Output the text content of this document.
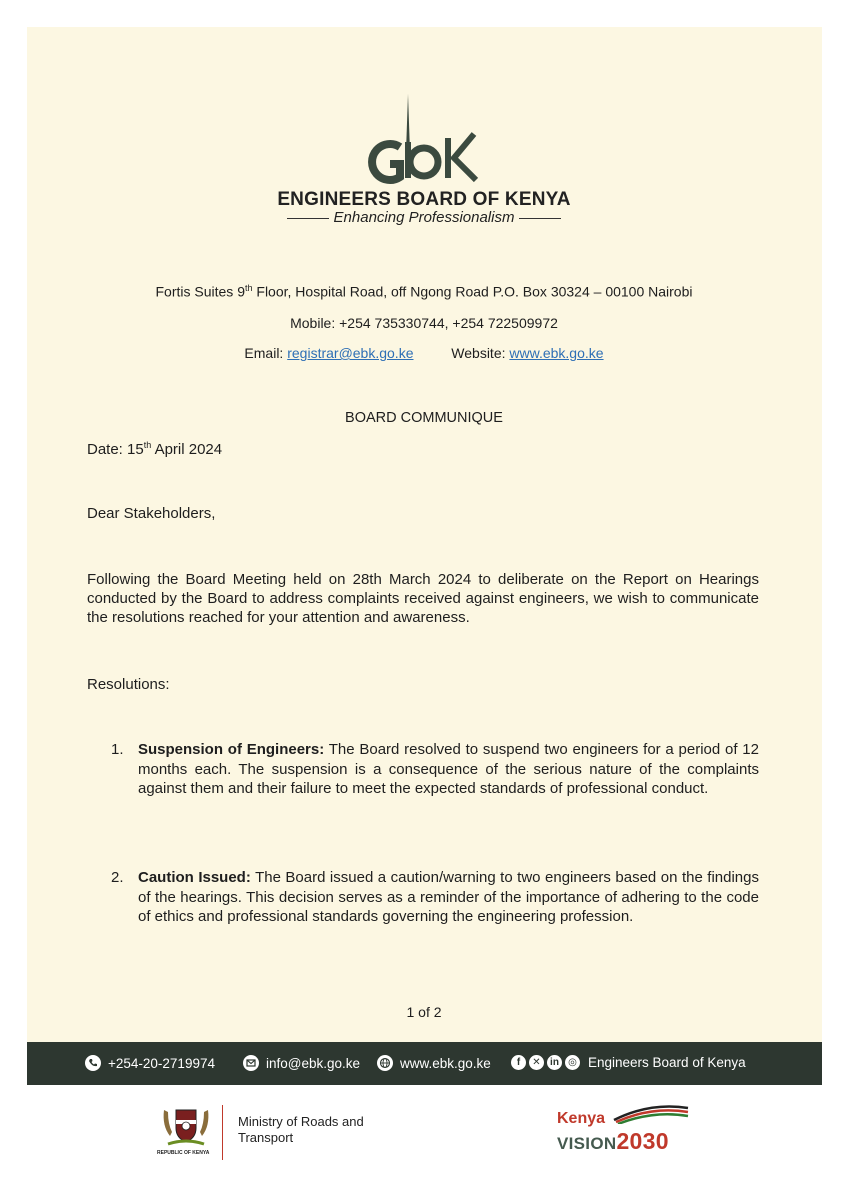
ENGINEERS BOARD OF KENYA
Enhancing Professionalism
Fortis Suites 9th Floor, Hospital Road, off Ngong Road P.O. Box 30324 – 00100 Nairobi
Mobile: +254 735330744, +254 722509972
Email: registrar@ebk.go.ke	Website: www.ebk.go.ke
BOARD COMMUNIQUE
Date: 15th April 2024
Dear Stakeholders,
Following the Board Meeting held on 28th March 2024 to deliberate on the Report on Hearings conducted by the Board to address complaints received against engineers, we wish to communicate the resolutions reached for your attention and awareness.
Resolutions:
1. Suspension of Engineers: The Board resolved to suspend two engineers for a period of 12 months each. The suspension is a consequence of the serious nature of the complaints against them and their failure to meet the expected standards of professional conduct.
2. Caution Issued: The Board issued a caution/warning to two engineers based on the findings of the hearings. This decision serves as a reminder of the importance of adhering to the code of ethics and professional standards governing the engineering profession.
1 of 2
+254-20-2719974	info@ebk.go.ke	www.ebk.go.ke	f	✕ in ◎ Engineers Board of Kenya
REPUBLIC OF KENYA
Ministry of Roads and
Transport
Kenya
VISION2030
